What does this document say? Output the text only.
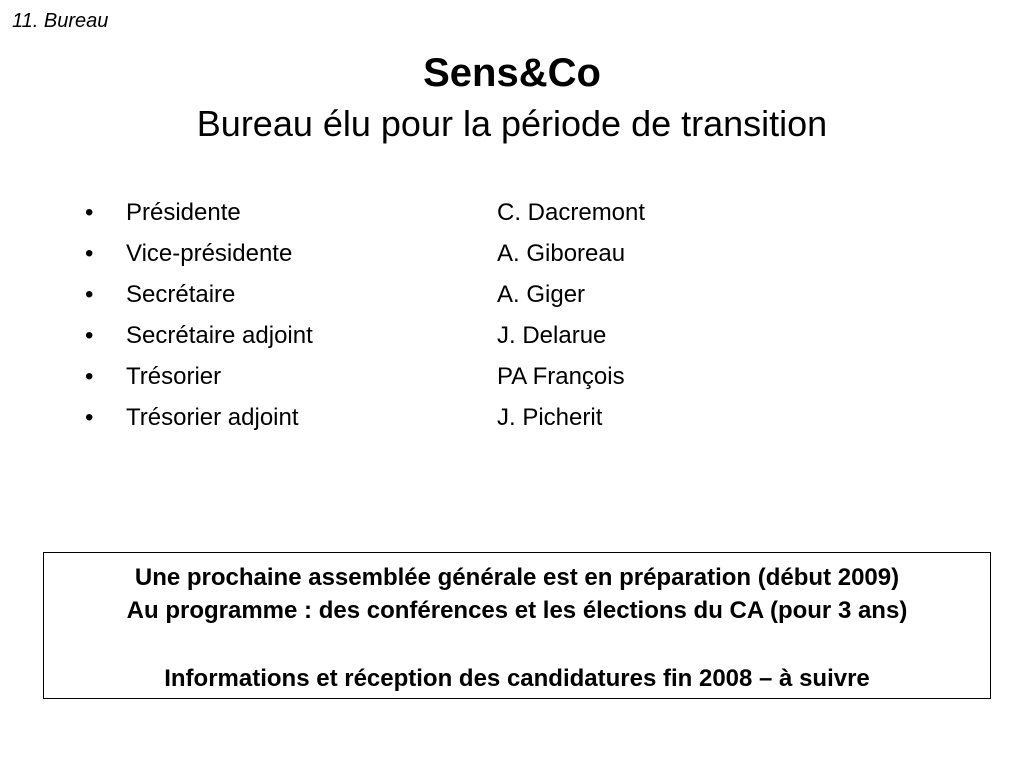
11. Bureau
Sens&Co
Bureau élu pour la période de transition
•	Présidente	C. Dacremont
•	Vice-présidente	A. Giboreau
•	Secrétaire	A. Giger
•	Secrétaire adjoint	J. Delarue
•	Trésorier	PA François
•	Trésorier adjoint	J. Picherit
Une prochaine assemblée générale est en préparation (début 2009)
Au programme : des conférences et les élections du CA (pour 3 ans)
Informations et réception des candidatures fin 2008 – à suivre
